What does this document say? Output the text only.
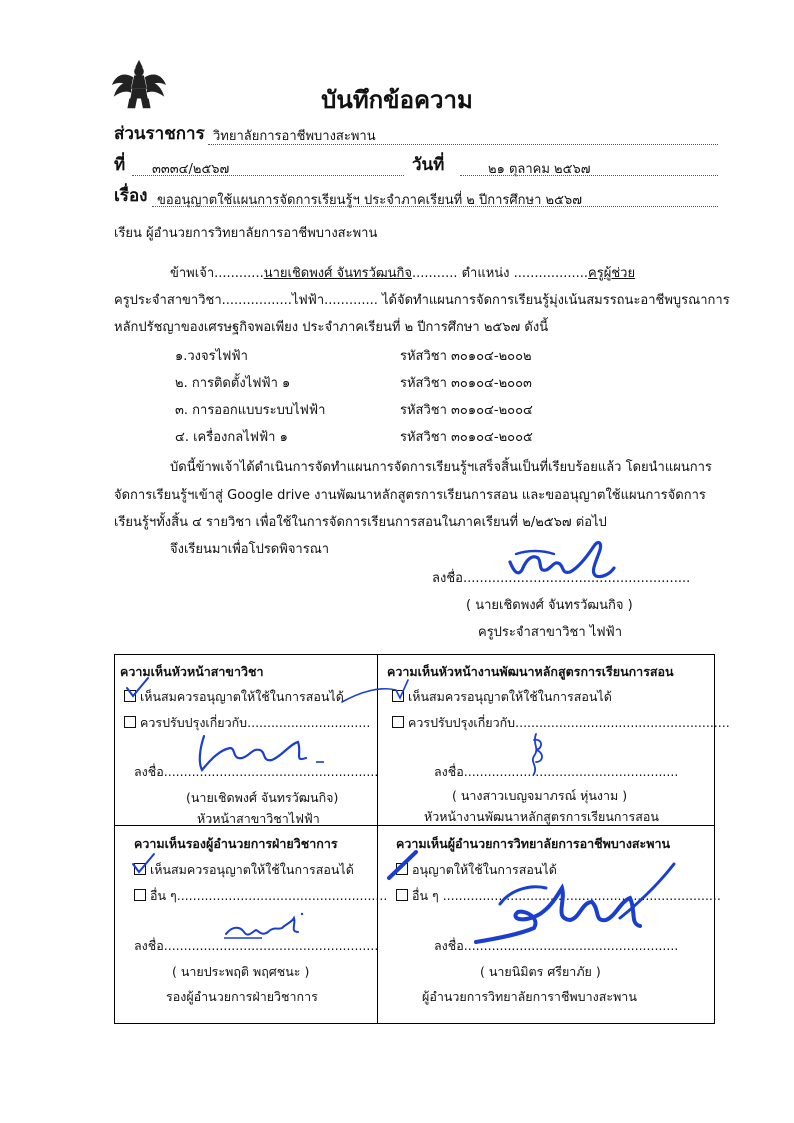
บันทึกข้อความ
ส่วนราชการ วิทยาลัยการอาชีพบางสะพาน
ที่ ๓๓๓๔/๒๕๖๗	วันที่	๒๑ ตุลาคม ๒๕๖๗
เรื่อง ขออนุญาตใช้แผนการจัดการเรียนรู้ฯ ประจำภาคเรียนที่ ๒ ปีการศึกษา ๒๕๖๗
เรียน ผู้อำนวยการวิทยาลัยการอาชีพบางสะพาน
ข้าพเจ้า............นายเชิดพงศ์ จันทรวัฒนกิจ........... ตำแหน่ง ..................ครูผู้ช่วย
ครูประจำสาขาวิชา.................ไฟฟ้า............. ได้จัดทำแผนการจัดการเรียนรู้มุ่งเน้นสมรรถนะอาชีพบูรณาการ
หลักปรัชญาของเศรษฐกิจพอเพียง ประจำภาคเรียนที่ ๒ ปีการศึกษา ๒๕๖๗ ดังนี้
๑.วงจรไฟฟ้า	รหัสวิชา ๓๐๑๐๔-๒๐๐๒
๒. การติดตั้งไฟฟ้า ๑	รหัสวิชา ๓๐๑๐๔-๒๐๐๓
๓. การออกแบบระบบไฟฟ้า	รหัสวิชา ๓๐๑๐๔-๒๐๐๔
๔. เครื่องกลไฟฟ้า ๑	รหัสวิชา ๓๐๑๐๔-๒๐๐๕
บัดนี้ข้าพเจ้าได้ดำเนินการจัดทำแผนการจัดการเรียนรู้ฯเสร็จสิ้นเป็นที่เรียบร้อยแล้ว โดยนำแผนการ
จัดการเรียนรู้ฯเข้าสู่ Google drive งานพัฒนาหลักสูตรการเรียนการสอน และขออนุญาตใช้แผนการจัดการ
เรียนรู้ฯทั้งสิ้น ๔ รายวิชา เพื่อใช้ในการจัดการเรียนการสอนในภาคเรียนที่ ๒/๒๕๖๗ ต่อไป
จึงเรียนมาเพื่อโปรดพิจารณา
ลงชื่อ.......................................................
( นายเชิดพงศ์ จันทรวัฒนกิจ )
ครูประจำสาขาวิชา ไฟฟ้า
ความเห็นหัวหน้าสาขาวิชา
เห็นสมควรอนุญาตให้ใช้ในการสอนได้
ควรปรับปรุงเกี่ยวกับ...............................
ลงชื่อ......................................................
(นายเชิดพงศ์ จันทรวัฒนกิจ)
หัวหน้าสาขาวิชาไฟฟ้า
ความเห็นหัวหน้างานพัฒนาหลักสูตรการเรียนการสอน
เห็นสมควรอนุญาตให้ใช้ในการสอนได้
ควรปรับปรุงเกี่ยวกับ......................................................
ลงชื่อ......................................................
( นางสาวเบญจมาภรณ์ หุ่นงาม )
หัวหน้างานพัฒนาหลักสูตรการเรียนการสอน
ความเห็นรองผู้อำนวยการฝ่ายวิชาการ
เห็นสมควรอนุญาตให้ใช้ในการสอนได้
อื่น ๆ.....................................................
ลงชื่อ......................................................
( นายประพฤติ พฤศชนะ )
รองผู้อำนวยการฝ่ายวิชาการ
ความเห็นผู้อำนวยการวิทยาลัยการอาชีพบางสะพาน
อนุญาตให้ใช้ในการสอนได้
อื่น ๆ ......................................................................
ลงชื่อ......................................................
( นายนิมิตร ศรียาภัย )
ผู้อำนวยการวิทยาลัยการาชีพบางสะพาน
